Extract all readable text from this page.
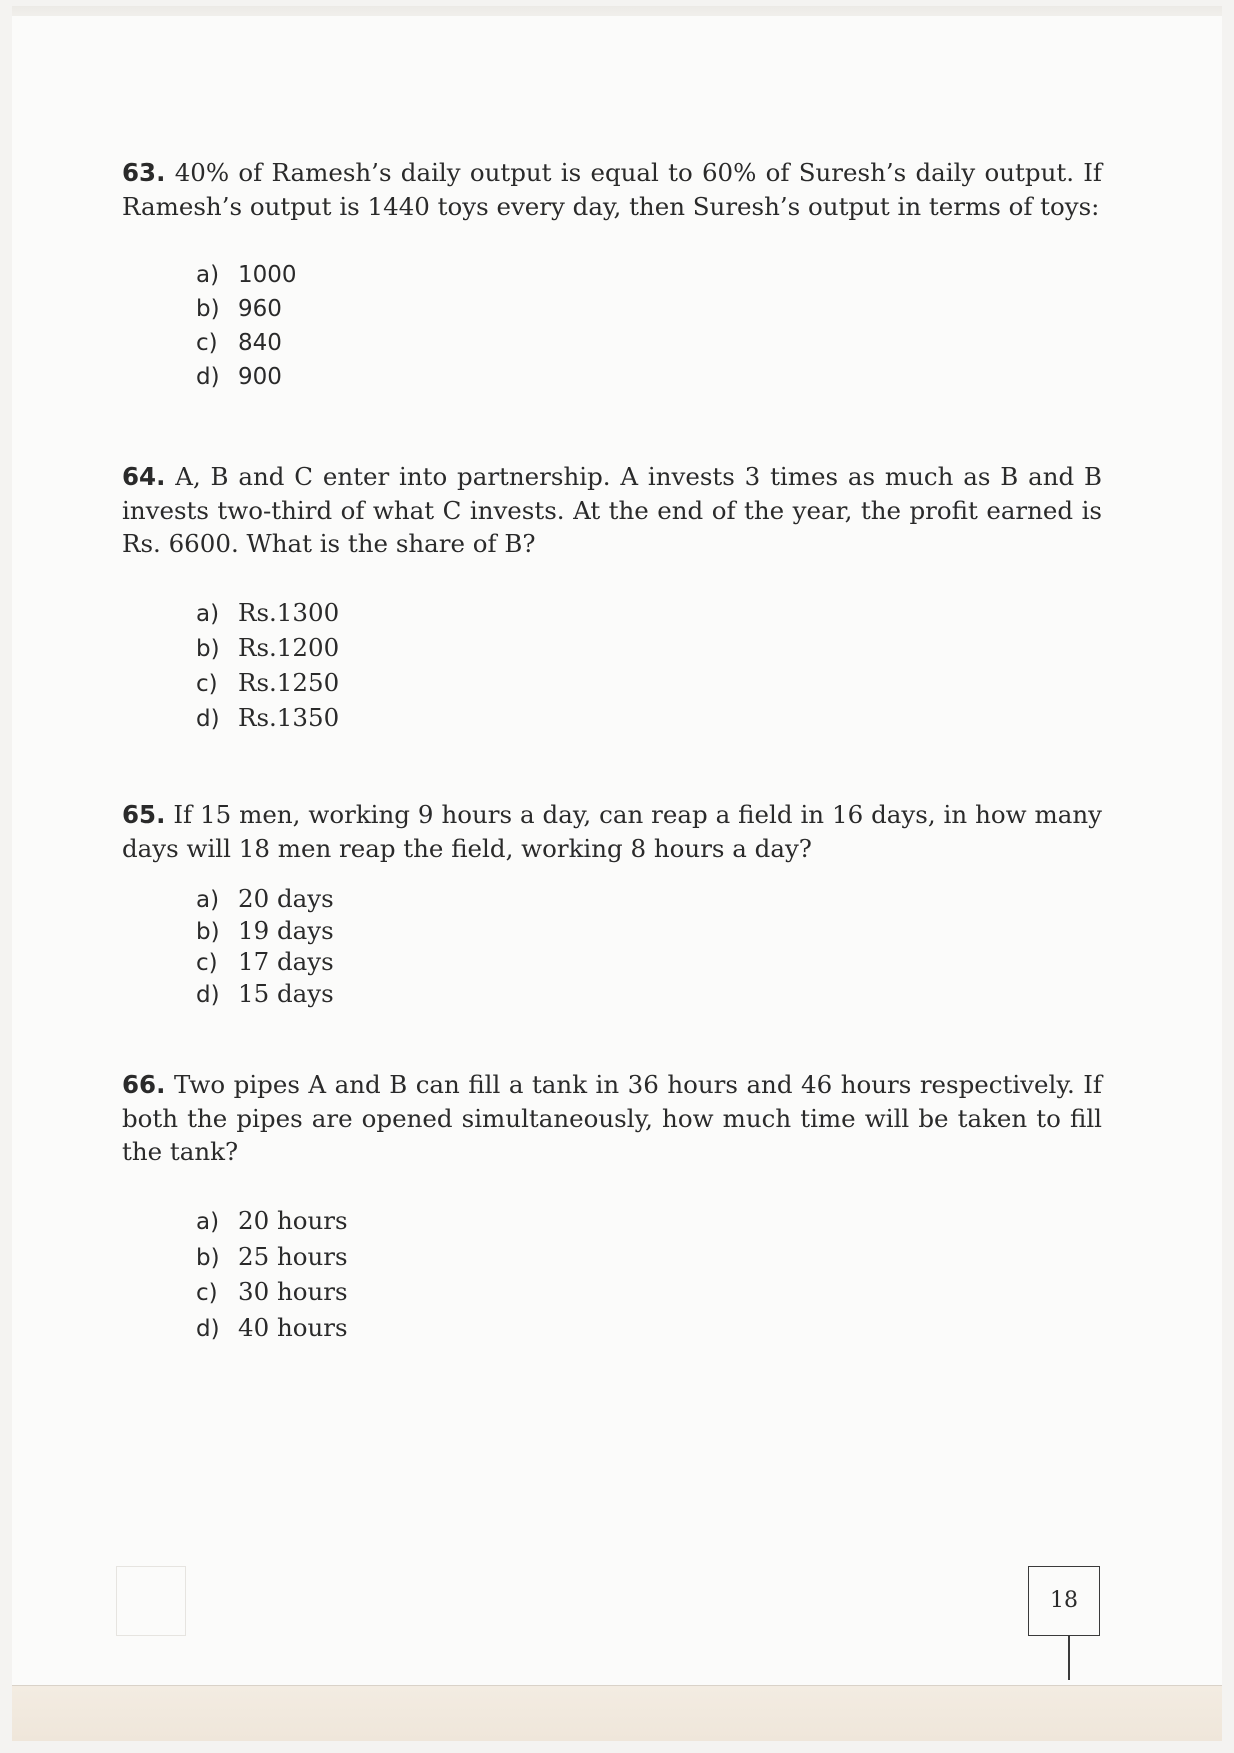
63. 40% of Ramesh’s daily output is equal to 60% of Suresh’s daily output. If Ramesh’s output is 1440 toys every day, then Suresh’s output in terms of toys:
a) 1000
b) 960
c) 840
d) 900
64. A, B and C enter into partnership. A invests 3 times as much as B and B invests two-third of what C invests. At the end of the year, the profit earned is Rs. 6600. What is the share of B?
a) Rs.1300
b) Rs.1200
c) Rs.1250
d) Rs.1350
65. If 15 men, working 9 hours a day, can reap a field in 16 days, in how many days will 18 men reap the field, working 8 hours a day?
a) 20 days
b) 19 days
c) 17 days
d) 15 days
66. Two pipes A and B can fill a tank in 36 hours and 46 hours respectively. If both the pipes are opened simultaneously, how much time will be taken to fill the tank?
a) 20 hours
b) 25 hours
c) 30 hours
d) 40 hours
18
